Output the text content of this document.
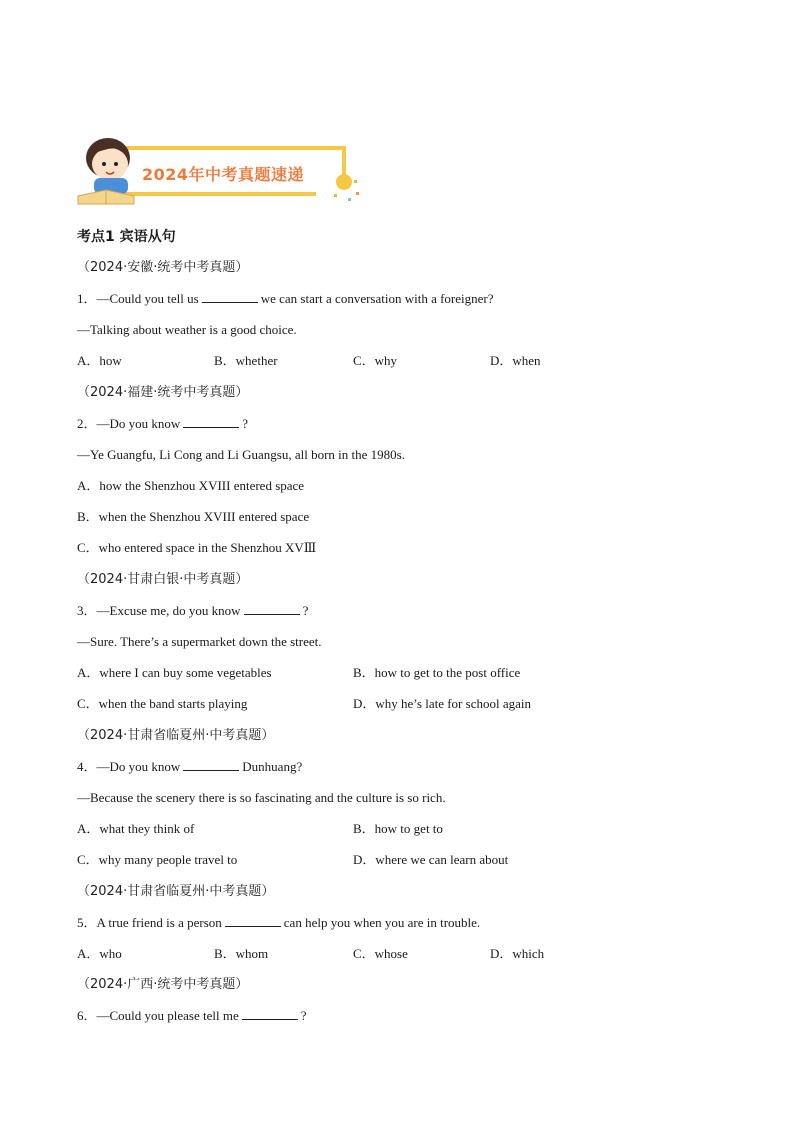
2024年中考真题速递
考点1 宾语从句
（2024·安徽·统考中考真题）
1．—Could you tell us	we can start a conversation with a foreigner?
—Talking about weather is a good choice.
A．how	B．whether	C．why	D．when
（2024·福建·统考中考真题）
2．—Do you know	?
—Ye Guangfu, Li Cong and Li Guangsu, all born in the 1980s.
A．how the Shenzhou XVIII entered space
B．when the Shenzhou XVIII entered space
C．who entered space in the Shenzhou XVⅢ
（2024·甘肃白银·中考真题）
3．—Excuse me, do you know	?
—Sure. There’s a supermarket down the street.
A．where I can buy some vegetables	B．how to get to the post office
C．when the band starts playing	D．why he’s late for school again
（2024·甘肃省临夏州·中考真题）
4．—Do you know	Dunhuang?
—Because the scenery there is so fascinating and the culture is so rich.
A．what they think of	B．how to get to
C．why many people travel to	D．where we can learn about
（2024·甘肃省临夏州·中考真题）
5．A true friend is a person	can help you when you are in trouble.
A．who	B．whom	C．whose	D．which
（2024·广西·统考中考真题）
6．—Could you please tell me	?
